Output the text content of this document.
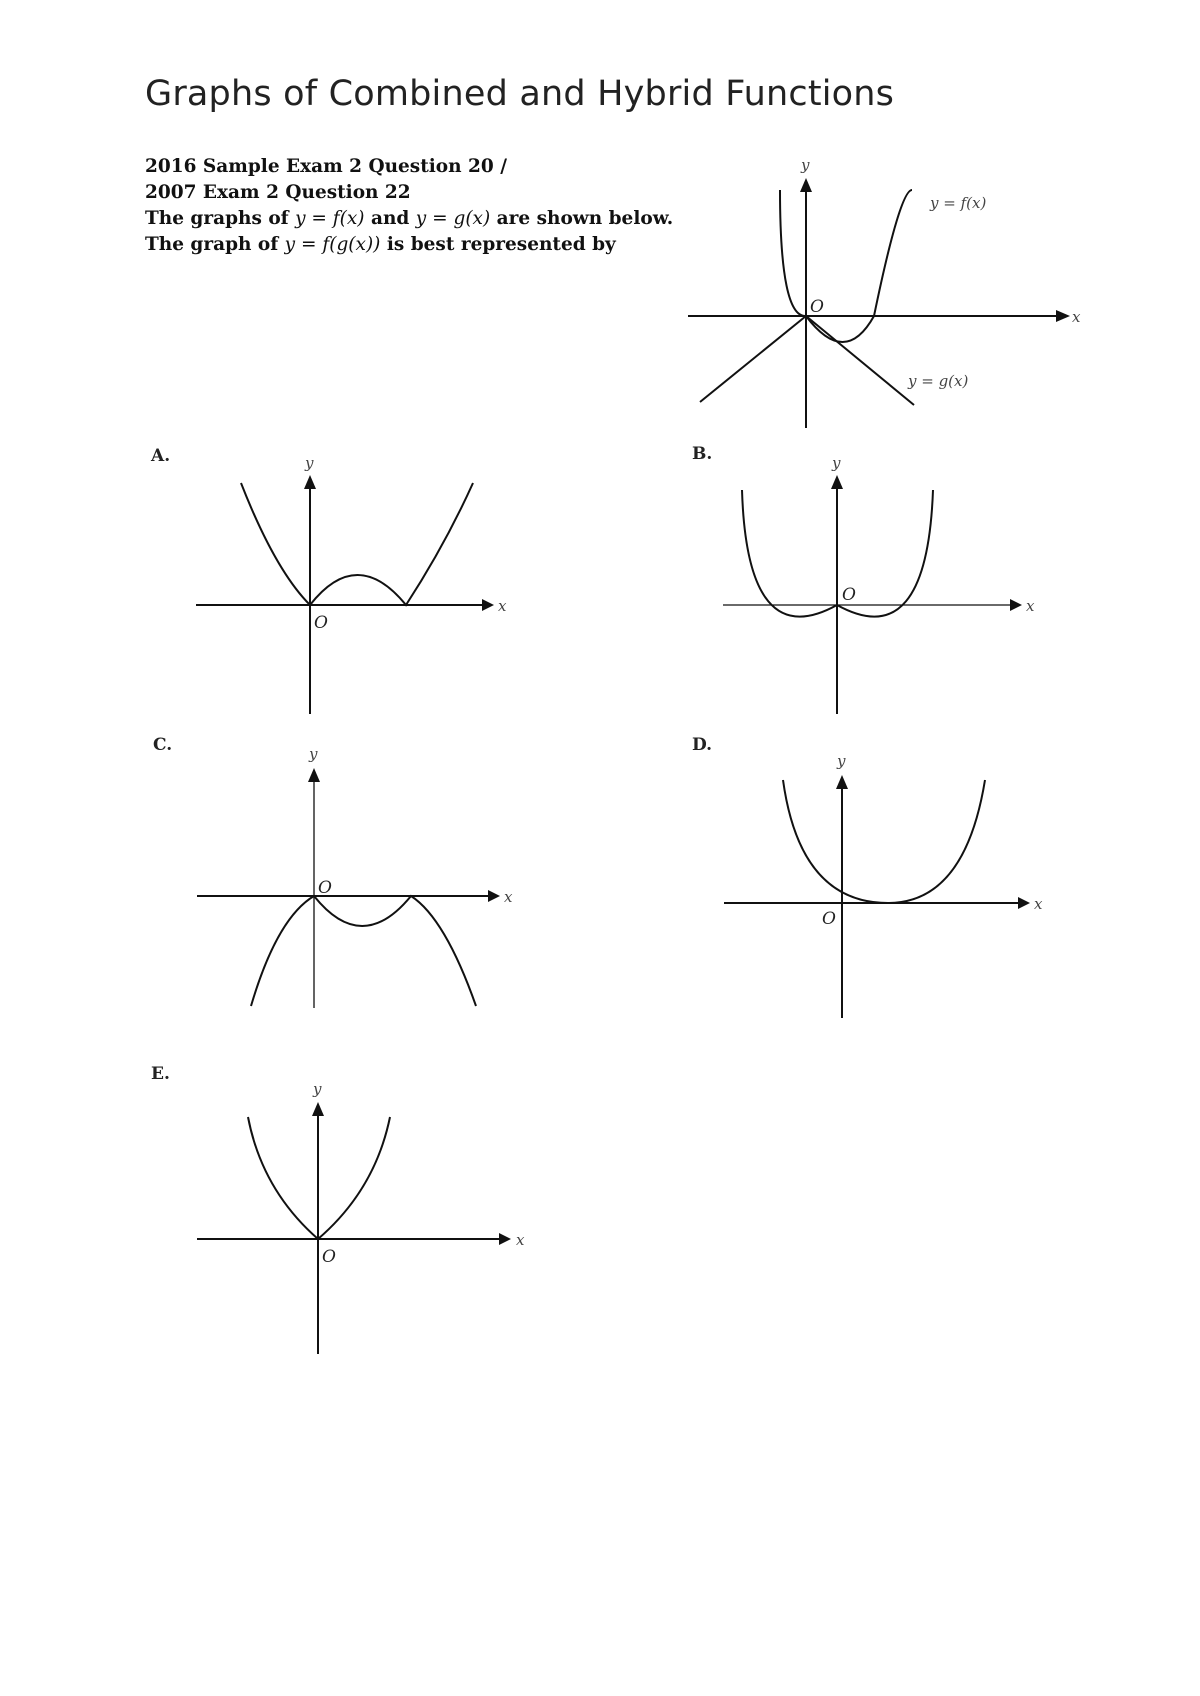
Graphs of Combined and Hybrid Functions
2016 Sample Exam 2 Question 20 /
2007 Exam 2 Question 22
The graphs of y = f(x) and y = g(x) are shown below.
The graph of y = f(g(x)) is best represented by
y
x
O
y = f(x)
y = g(x)
A.	B.
C.	D.
E.
y
x
O
y
x
O
y
x
O
y
x
O
y
x
O
